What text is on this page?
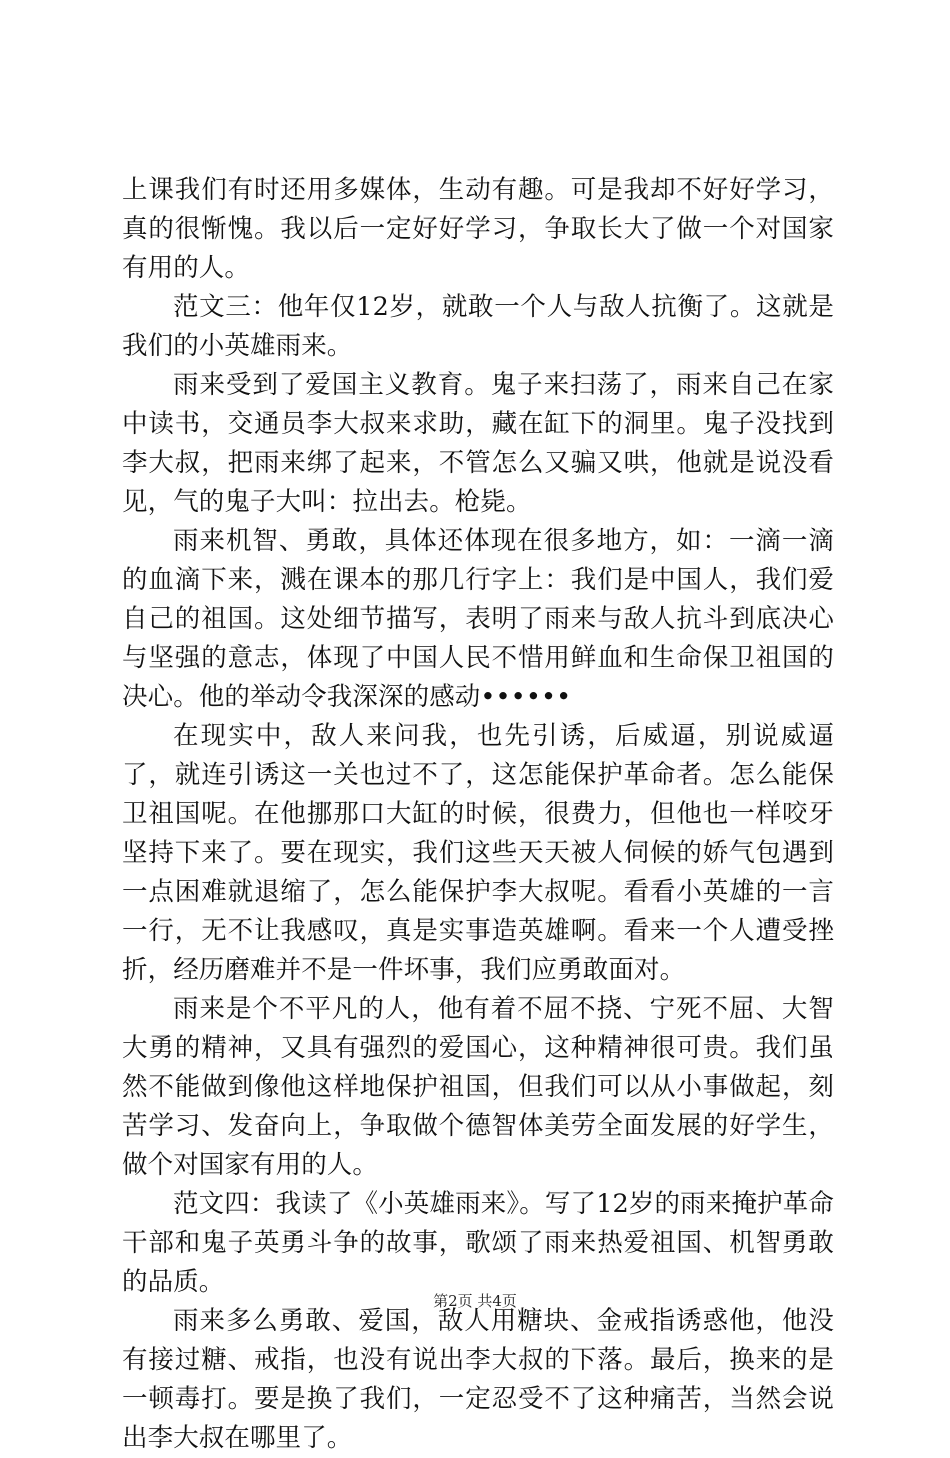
上课我们有时还用多媒体，生动有趣。可是我却不好好学习，真的很惭愧。我以后一定好好学习，争取长大了做一个对国家有用的人。

范文三：他年仅12岁，就敢一个人与敌人抗衡了。这就是我们的小英雄雨来。

雨来受到了爱国主义教育。鬼子来扫荡了，雨来自己在家中读书，交通员李大叔来求助，藏在缸下的洞里。鬼子没找到李大叔，把雨来绑了起来，不管怎么又骗又哄，他就是说没看见，气的鬼子大叫：拉出去。枪毙。

雨来机智、勇敢，具体还体现在很多地方，如：一滴一滴的血滴下来，溅在课本的那几行字上：我们是中国人，我们爱自己的祖国。这处细节描写，表明了雨来与敌人抗斗到底决心与坚强的意志，体现了中国人民不惜用鲜血和生命保卫祖国的决心。他的举动令我深深的感动••••••

在现实中，敌人来问我，也先引诱，后威逼，别说威逼了，就连引诱这一关也过不了，这怎能保护革命者。怎么能保卫祖国呢。在他挪那口大缸的时候，很费力，但他也一样咬牙坚持下来了。要在现实，我们这些天天被人伺候的娇气包遇到一点困难就退缩了，怎么能保护李大叔呢。看看小英雄的一言一行，无不让我感叹，真是实事造英雄啊。看来一个人遭受挫折，经历磨难并不是一件坏事，我们应勇敢面对。

雨来是个不平凡的人，他有着不屈不挠、宁死不屈、大智大勇的精神，又具有强烈的爱国心，这种精神很可贵。我们虽然不能做到像他这样地保护祖国，但我们可以从小事做起，刻苦学习、发奋向上，争取做个德智体美劳全面发展的好学生，做个对国家有用的人。

范文四：我读了《小英雄雨来》。写了12岁的雨来掩护革命干部和鬼子英勇斗争的故事，歌颂了雨来热爱祖国、机智勇敢的品质。

雨来多么勇敢、爱国，敌人用糖块、金戒指诱惑他，他没有接过糖、戒指，也没有说出李大叔的下落。最后，换来的是一顿毒打。要是换了我们，一定忍受不了这种痛苦，当然会说出李大叔在哪里了。

第2页 共4页
